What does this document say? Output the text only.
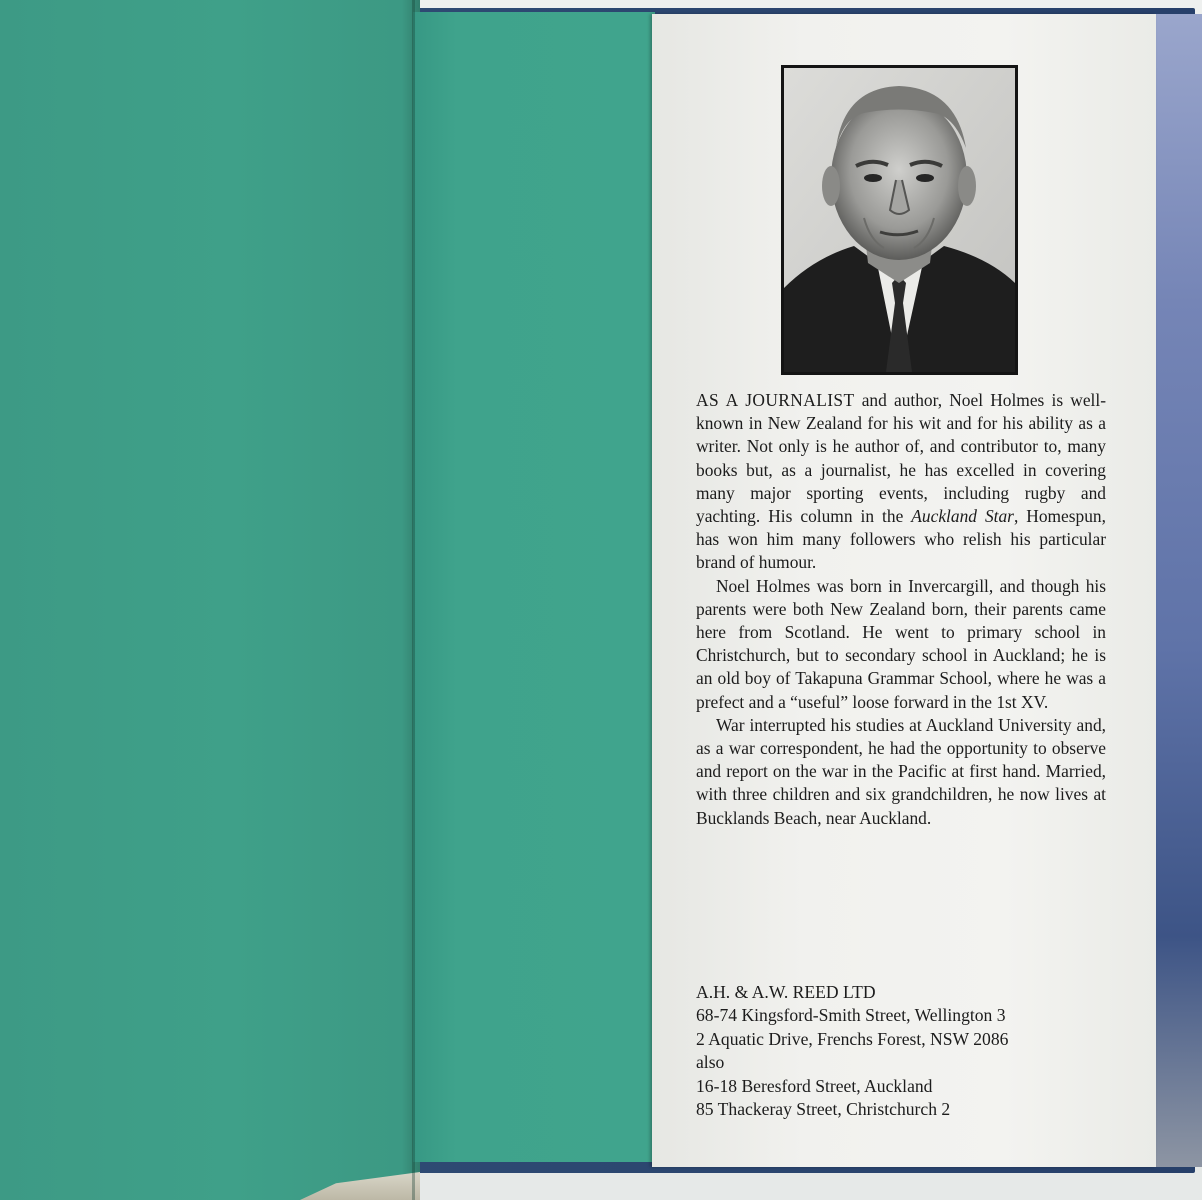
AS A JOURNALIST and author, Noel Holmes is well-known in New Zealand for his wit and for his ability as a writer. Not only is he author of, and contributor to, many books but, as a journalist, he has excelled in covering many major sporting events, including rugby and yachting. His column in the Auckland Star, Homespun, has won him many followers who relish his particular brand of humour.

Noel Holmes was born in Invercargill, and though his parents were both New Zealand born, their parents came here from Scotland. He went to primary school in Christchurch, but to secondary school in Auckland; he is an old boy of Takapuna Grammar School, where he was a prefect and a “useful” loose forward in the 1st XV.

War interrupted his studies at Auckland University and, as a war correspondent, he had the opportunity to observe and report on the war in the Pacific at first hand. Married, with three children and six grandchildren, he now lives at Bucklands Beach, near Auckland.

A.H. & A.W. REED LTD
68-74 Kingsford-Smith Street, Wellington 3
2 Aquatic Drive, Frenchs Forest, NSW 2086
also
16-18 Beresford Street, Auckland
85 Thackeray Street, Christchurch 2
